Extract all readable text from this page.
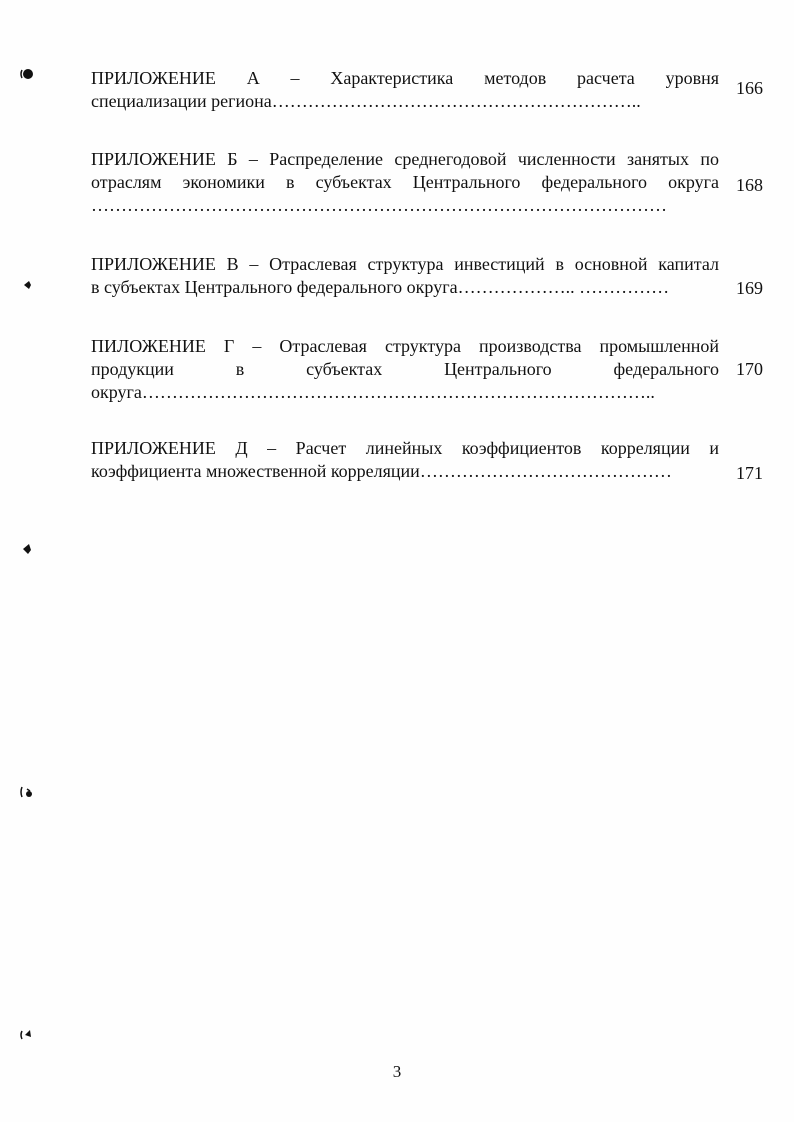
ПРИЛОЖЕНИЕ А – Характеристика методов расчета уровня

специализации региона……………………………………………………..

166

ПРИЛОЖЕНИЕ Б – Распределение среднегодовой численности занятых по

отраслям экономики в субъектах Центрального федерального округа

……………………………………………………………………………………

168

ПРИЛОЖЕНИЕ В – Отраслевая структура инвестиций в основной капитал

в субъектах Центрального федерального округа……………….. ……………	169

ПИЛОЖЕНИЕ Г – Отраслевая структура производства промышленной

продукции в субъектах Центрального федерального

округа…………………………………………………………………………..

170

ПРИЛОЖЕНИЕ Д – Расчет линейных коэффициентов корреляции и

коэффициента множественной корреляции……………………………………	171
3
